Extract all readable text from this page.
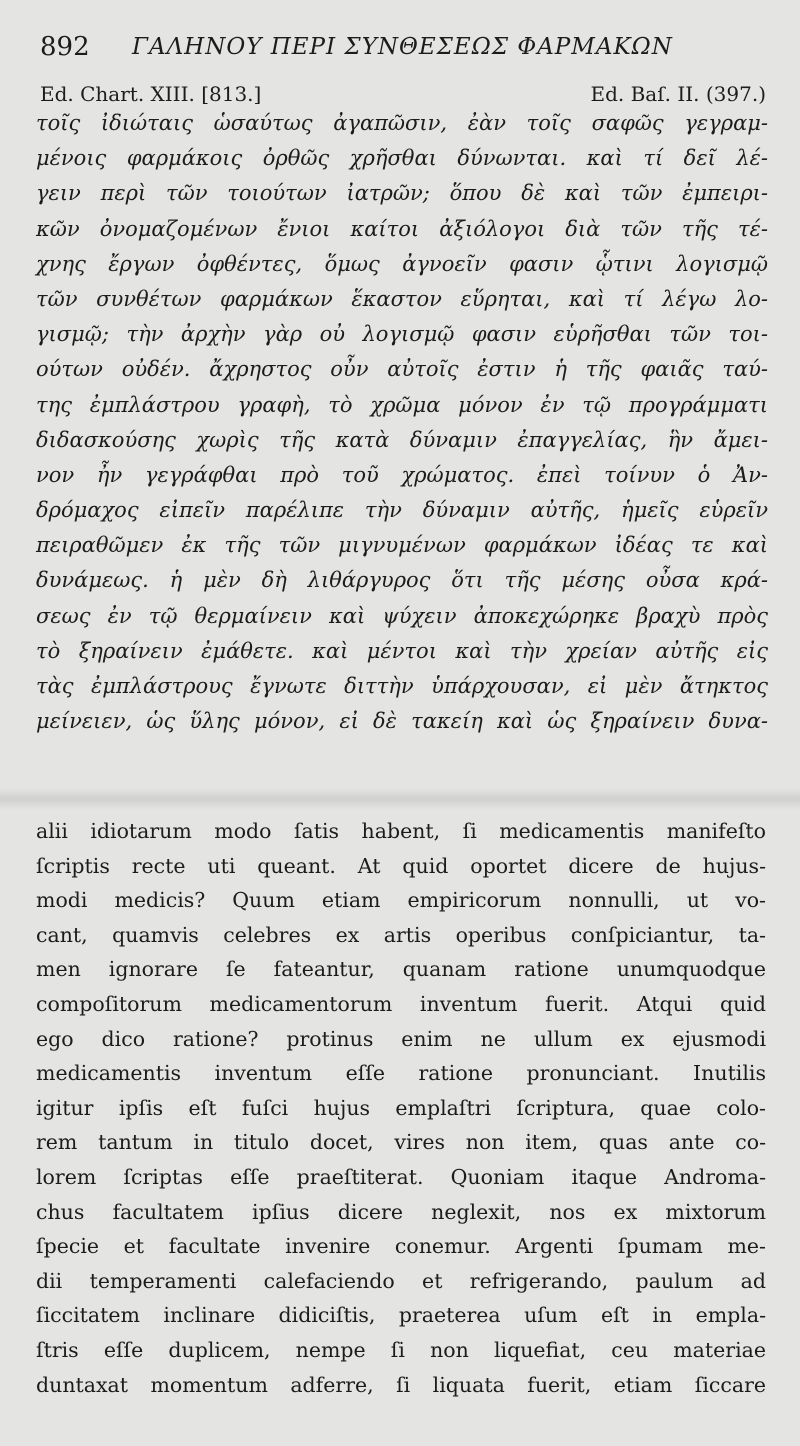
892 ΓΑΛΗΝΟΥ ΠΕΡΙ ΣΥΝΘΕΣΕΩΣ ΦΑΡΜΑΚΩΝ
Ed. Chart. XIII. [813.]	Ed. Baſ. II. (397.)
τοῖς ἰδιώταις ὡσαύτως ἀγαπῶσιν, ἐὰν τοῖς σαφῶς γεγραμ-
μένοις φαρμάκοις ὀρθῶς χρῆσθαι δύνωνται. καὶ τί δεῖ λέ-
γειν περὶ τῶν τοιούτων ἰατρῶν; ὅπου δὲ καὶ τῶν ἐμπειρι-
κῶν ὀνομαζομένων ἔνιοι καίτοι ἀξιόλογοι διὰ τῶν τῆς τέ-
χνης ἔργων ὀφθέντες, ὅμως ἀγνοεῖν φασιν ᾧτινι λογισμῷ
τῶν συνθέτων φαρμάκων ἕκαστον εὕρηται, καὶ τί λέγω λο-
γισμῷ; τὴν ἀρχὴν γὰρ οὐ λογισμῷ φασιν εὑρῆσθαι τῶν τοι-
ούτων οὐδέν. ἄχρηστος οὖν αὐτοῖς ἐστιν ἡ τῆς φαιᾶς ταύ-
της ἐμπλάστρου γραφὴ, τὸ χρῶμα μόνον ἐν τῷ προγράμματι
διδασκούσης χωρὶς τῆς κατὰ δύναμιν ἐπαγγελίας, ἣν ἄμει-
νον ἦν γεγράφθαι πρὸ τοῦ χρώματος. ἐπεὶ τοίνυν ὁ Ἀν-
δρόμαχος εἰπεῖν παρέλιπε τὴν δύναμιν αὐτῆς, ἡμεῖς εὑρεῖν
πειραθῶμεν ἐκ τῆς τῶν μιγνυμένων φαρμάκων ἰδέας τε καὶ
δυνάμεως. ἡ μὲν δὴ λιθάργυρος ὅτι τῆς μέσης οὖσα κρά-
σεως ἐν τῷ θερμαίνειν καὶ ψύχειν ἀποκεχώρηκε βραχὺ πρὸς
τὸ ξηραίνειν ἐμάθετε. καὶ μέντοι καὶ τὴν χρείαν αὐτῆς εἰς
τὰς ἐμπλάστρους ἔγνωτε διττὴν ὑπάρχουσαν, εἰ μὲν ἄτηκτος
μείνειεν, ὡς ὕλης μόνον, εἰ δὲ τακείη καὶ ὡς ξηραίνειν δυνα-
alii idiotarum modo ſatis habent, ſi medicamentis manifeſto
ſcriptis recte uti queant. At quid oportet dicere de hujus-
modi medicis? Quum etiam empiricorum nonnulli, ut vo-
cant, quamvis celebres ex artis operibus conſpiciantur, ta-
men ignorare ſe fateantur, quanam ratione unumquodque
compoſitorum medicamentorum inventum fuerit. Atqui quid
ego dico ratione? protinus enim ne ullum ex ejusmodi
medicamentis inventum eſſe ratione pronunciant. Inutilis
igitur ipſis eſt fuſci hujus emplaſtri ſcriptura, quae colo-
rem tantum in titulo docet, vires non item, quas ante co-
lorem ſcriptas eſſe praeſtiterat. Quoniam itaque Androma-
chus facultatem ipſius dicere neglexit, nos ex mixtorum
ſpecie et facultate invenire conemur. Argenti ſpumam me-
dii temperamenti calefaciendo et refrigerando, paulum ad
ſiccitatem inclinare didiciſtis, praeterea uſum eſt in empla-
ſtris eſſe duplicem, nempe ſi non liquefiat, ceu materiae
duntaxat momentum adferre, ſi liquata fuerit, etiam ſiccare
